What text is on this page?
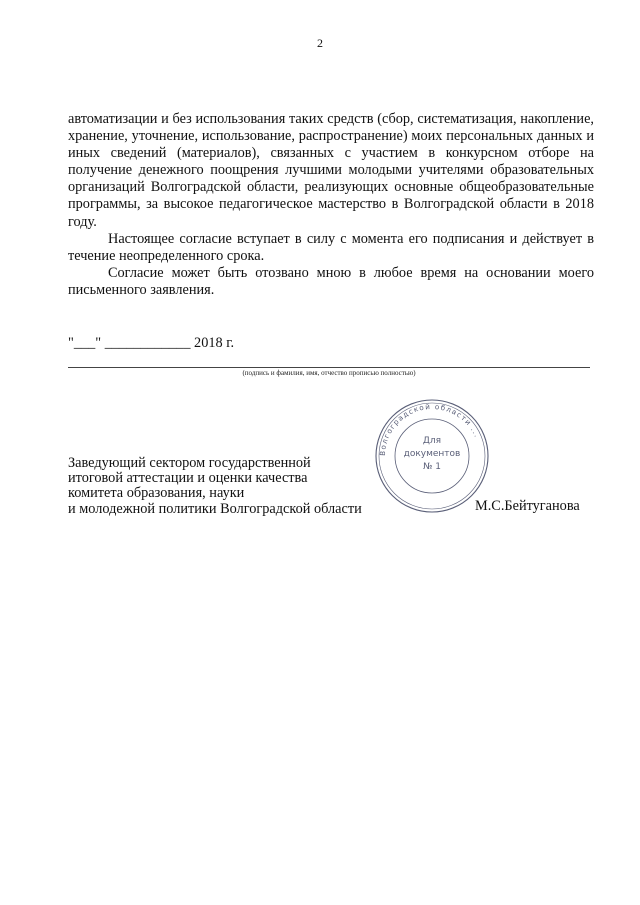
2

автоматизации и без использования таких средств (сбор, систематизация, накопление, хранение, уточнение, использование, распространение) моих персональных данных и иных сведений (материалов), связанных с участием в конкурсном отборе на получение денежного поощрения лучшими молодыми учителями образовательных организаций Волгоградской области, реализующих основные общеобразовательные программы, за высокое педагогическое мастерство в Волгоградской области в 2018 году.

Настоящее согласие вступает в силу с момента его подписания и действует в течение неопределенного срока.

Согласие может быть отозвано мною в любое время на основании моего письменного заявления.

"___" ____________ 2018 г.
(подпись и фамилия, имя, отчество прописью полностью)
Волгоградской области ...
Для
документов
№ 1
Заведующий сектором государственной
итоговой аттестации и оценки качества
комитета образования, науки
и молодежной политики Волгоградской области	М.С.Бейтуганова
